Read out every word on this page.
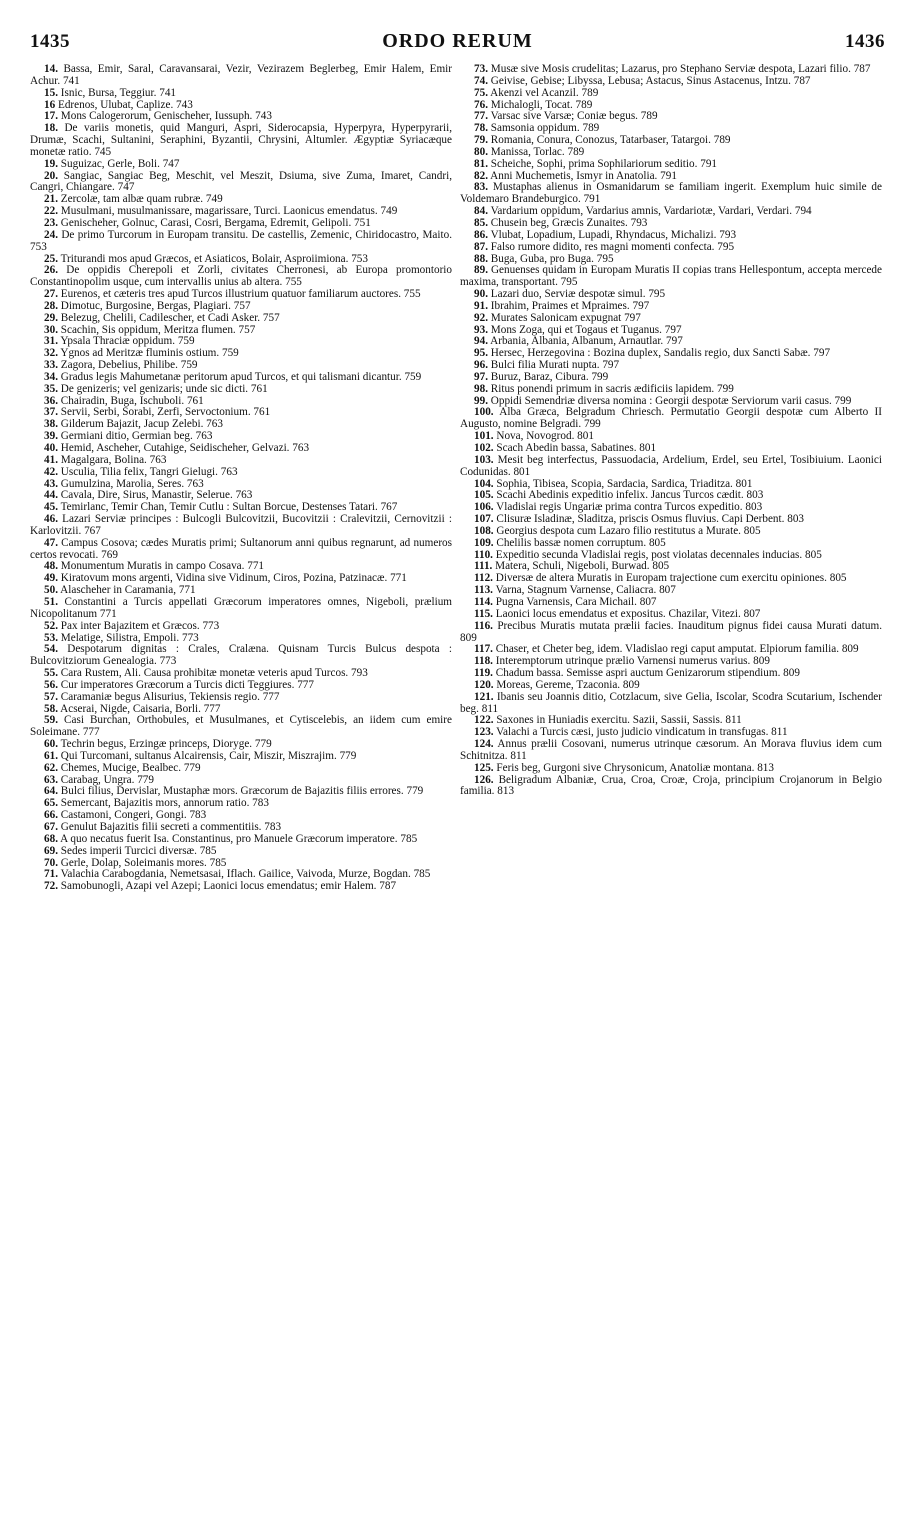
1435	ORDO RERUM	1436

14. Bassa, Emir, Saral, Caravansarai, Vezir, Vezirazem Beglerbeg, Emir Halem, Emir Achur. 741

15. Isnic, Bursa, Teggiur. 741

16 Edrenos, Ulubat, Caplize. 743

17. Mons Calogerorum, Genischeher, Iussuph. 743

18. De variis monetis, quid Manguri, Aspri, Siderocapsia, Hyperpyra, Hyperpyrarii, Drumæ, Scachi, Sultanini, Seraphini, Byzantii, Chrysini, Altumler. Ægyptiæ Syriacæque monetæ ratio. 745

19. Suguizac, Gerle, Boli. 747

20. Sangiac, Sangiac Beg, Meschit, vel Meszit, Dsiuma, sive Zuma, Imaret, Candri, Cangri, Chiangare. 747

21. Zercolæ, tam albæ quam rubræ. 749

22. Musulmani, musulmanissare, magarissare, Turci. Laonicus emendatus. 749

23. Genischeher, Golnuc, Carasi, Cosri, Bergama, Edremit, Gelipoli. 751

24. De primo Turcorum in Europam transitu. De castellis, Zemenic, Chiridocastro, Maito. 753

25. Triturandi mos apud Græcos, et Asiaticos, Bolair, Asproiimiona. 753

26. De oppidis Cherepoli et Zorli, civitates Cherronesi, ab Europa promontorio Constantinopolim usque, cum intervallis unius ab altera. 755

27. Eurenos, et cæteris tres apud Turcos illustrium quatuor familiarum auctores. 755

28. Dimotuc, Burgosine, Bergas, Plagiari. 757

29. Belezug, Chelili, Cadilescher, et Cadi Asker. 757

30. Scachin, Sis oppidum, Meritza flumen. 757

31. Ypsala Thraciæ oppidum. 759

32. Ygnos ad Meritzæ fluminis ostium. 759

33. Zagora, Debelius, Philibe. 759

34. Gradus legis Mahumetanæ peritorum apud Turcos, et qui talismani dicantur. 759

35. De genizeris; vel genizaris; unde sic dicti. 761

36. Chairadin, Buga, Ischuboli. 761

37. Servii, Serbi, Sorabi, Zerfi, Servoctonium. 761

38. Gilderum Bajazit, Jacup Zelebi. 763

39. Germiani ditio, Germian beg. 763

40. Hemid, Ascheher, Cutahige, Seidischeher, Gelvazi. 763

41. Magalgara, Bolina. 763

42. Usculia, Tilia felix, Tangri Gielugi. 763

43. Gumulzina, Marolia, Seres. 763

44. Cavala, Dire, Sirus, Manastir, Selerue. 763

45. Temirlanc, Temir Chan, Temir Cutlu : Sultan Borcue, Destenses Tatari. 767

46. Lazari Serviæ principes : Bulcogli Bulcovitzii, Bucovitzii : Cralevitzii, Cernovitzii : Karlovitzii. 767

47. Campus Cosova; cædes Muratis primi; Sultanorum anni quibus regnarunt, ad numeros certos revocati. 769

48. Monumentum Muratis in campo Cosava. 771

49. Kiratovum mons argenti, Vidina sive Vidinum, Ciros, Pozina, Patzinacæ. 771

50. Alascheher in Caramania, 771

51. Constantini a Turcis appellati Græcorum imperatores omnes, Nigeboli, prælium Nicopolitanum 771

52. Pax inter Bajazitem et Græcos. 773

53. Melatige, Silistra, Empoli. 773

54. Despotarum dignitas : Crales, Cralæna. Quisnam Turcis Bulcus despota : Bulcovitziorum Genealogia. 773

55. Cara Rustem, Ali. Causa prohibitæ monetæ veteris apud Turcos. 793

56. Cur imperatores Græcorum a Turcis dicti Teggiures. 777

57. Caramaniæ begus Alisurius, Tekiensis regio. 777

58. Acserai, Nigde, Caisaria, Borli. 777

59. Casi Burchan, Orthobules, et Musulmanes, et Cytiscelebis, an iidem cum emire Soleimane. 777

60. Techrin begus, Erzingæ princeps, Dioryge. 779

61. Qui Turcomani, sultanus Alcairensis, Cair, Miszir, Miszrajim. 779

62. Chemes, Mucige, Bealbec. 779

63. Carabag, Ungra. 779

64. Bulci filius, Dervislar, Mustaphæ mors. Græcorum de Bajazitis filiis errores. 779

65. Semercant, Bajazitis mors, annorum ratio. 783

66. Castamoni, Congeri, Gongi. 783

67. Genulut Bajazitis filii secreti a commentitiis. 783

68. A quo necatus fuerit Isa. Constantinus, pro Manuele Græcorum imperatore. 785

69. Sedes imperii Turcici diversæ. 785

70. Gerle, Dolap, Soleimanis mores. 785

71. Valachia Carabogdania, Nemetsasai, Iflach. Gailice, Vaivoda, Murze, Bogdan. 785

72. Samobunogli, Azapi vel Azepi; Laonici locus emendatus; emir Halem. 787

73. Musæ sive Mosis crudelitas; Lazarus, pro Stephano Serviæ despota, Lazari filio. 787

74. Geivise, Gebise; Libyssa, Lebusa; Astacus, Sinus Astacenus, Intzu. 787

75. Akenzi vel Acanzil. 789

76. Michalogli, Tocat. 789

77. Varsac sive Varsæ; Coniæ begus. 789

78. Samsonia oppidum. 789

79. Romania, Conura, Conozus, Tatarbaser, Tatargoi. 789

80. Manissa, Torlac. 789

81. Scheiche, Sophi, prima Sophilariorum seditio. 791

82. Anni Muchemetis, Ismyr in Anatolia. 791

83. Mustaphas alienus in Osmanidarum se familiam ingerit. Exemplum huic simile de Voldemaro Brandeburgico. 791

84. Vardarium oppidum, Vardarius amnis, Vardariotæ, Vardari, Verdari. 794

85. Chusein beg, Græcis Zunaites. 793

86. Vlubat, Lopadium, Lupadi, Rhyndacus, Michalizi. 793

87. Falso rumore didito, res magni momenti confecta. 795

88. Buga, Guba, pro Buga. 795

89. Genuenses quidam in Europam Muratis II copias trans Hellespontum, accepta mercede maxima, transportant. 795

90. Lazari duo, Serviæ despotæ simul. 795

91. Ibrahim, Praimes et Mpraimes. 797

92. Murates Salonicam expugnat 797

93. Mons Zoga, qui et Togaus et Tuganus. 797

94. Arbania, Albania, Albanum, Arnautlar. 797

95. Hersec, Herzegovina : Bozina duplex, Sandalis regio, dux Sancti Sabæ. 797

96. Bulci filia Murati nupta. 797

97. Buruz, Baraz, Cibura. 799

98. Ritus ponendi primum in sacris ædificiis lapidem. 799

99. Oppidi Semendriæ diversa nomina : Georgii despotæ Serviorum varii casus. 799

100. Alba Græca, Belgradum Chriesch. Permutatio Georgii despotæ cum Alberto II Augusto, nomine Belgradi. 799

101. Nova, Novogrod. 801

102. Scach Abedin bassa, Sabatines. 801

103. Mesit beg interfectus, Passuodacia, Ardelium, Erdel, seu Ertel, Tosibiuium. Laonici Codunidas. 801

104. Sophia, Tibisea, Scopia, Sardacia, Sardica, Triaditza. 801

105. Scachi Abedinis expeditio infelix. Jancus Turcos cædit. 803

106. Vladislai regis Ungariæ prima contra Turcos expeditio. 803

107. Clisuræ Isladinæ, Sladitza, priscis Osmus fluvius. Capi Derbent. 803

108. Georgius despota cum Lazaro filio restitutus a Murate. 805

109. Chelilis bassæ nomen corruptum. 805

110. Expeditio secunda Vladislai regis, post violatas decennales inducias. 805

111. Matera, Schuli, Nigeboli, Burwad. 805

112. Diversæ de altera Muratis in Europam trajectione cum exercitu opiniones. 805

113. Varna, Stagnum Varnense, Caliacra. 807

114. Pugna Varnensis, Cara Michail. 807

115. Laonici locus emendatus et expositus. Chazilar, Vitezi. 807

116. Precibus Muratis mutata prælii facies. Inauditum pignus fidei causa Murati datum. 809

117. Chaser, et Cheter beg, idem. Vladislao regi caput amputat. Elpiorum familia. 809

118. Interemptorum utrinque prælio Varnensi numerus varius. 809

119. Chadum bassa. Semisse aspri auctum Genizarorum stipendium. 809

120. Moreas, Gereme, Tzaconia. 809

121. Ibanis seu Joannis ditio, Cotzlacum, sive Gelia, Iscolar, Scodra Scutarium, Ischender beg. 811

122. Saxones in Huniadis exercitu. Sazii, Sassii, Sassis. 811

123. Valachi a Turcis cæsi, justo judicio vindicatum in transfugas. 811

124. Annus prælii Cosovani, numerus utrinque cæsorum. An Morava fluvius idem cum Schitnitza. 811

125. Feris beg, Gurgoni sive Chrysonicum, Anatoliæ montana. 813

126. Beligradum Albaniæ, Crua, Croa, Croæ, Croja, principium Crojanorum in Belgio familia. 813
